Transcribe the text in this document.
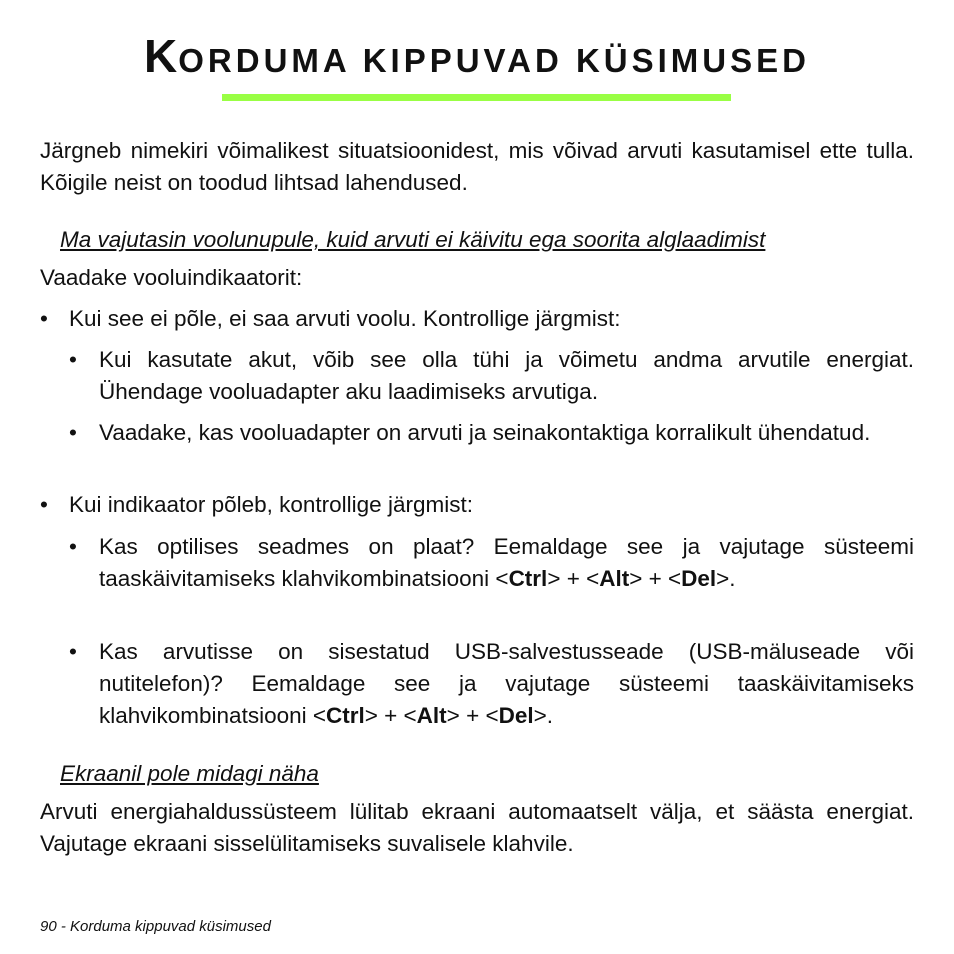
KORDUMA KIPPUVAD KÜSIMUSED
Järgneb nimekiri võimalikest situatsioonidest, mis võivad arvuti kasutamisel ette tulla. Kõigile neist on toodud lihtsad lahendused.
Ma vajutasin voolunupule, kuid arvuti ei käivitu ega soorita alglaadimist
Vaadake vooluindikaatorit:
• Kui see ei põle, ei saa arvuti voolu. Kontrollige järgmist:
• Kui kasutate akut, võib see olla tühi ja võimetu andma arvutile energiat. Ühendage vooluadapter aku laadimiseks arvutiga.
• Vaadake, kas vooluadapter on arvuti ja seinakontaktiga korralikult ühendatud.
• Kui indikaator põleb, kontrollige järgmist:
• Kas optilises seadmes on plaat? Eemaldage see ja vajutage süsteemi taaskäivitamiseks klahvikombinatsiooni <Ctrl> + <Alt> + <Del>.
• Kas arvutisse on sisestatud USB-salvestusseade (USB-mäluseade või nutitelefon)? Eemaldage see ja vajutage süsteemi taaskäivitamiseks klahvikombinatsiooni <Ctrl> + <Alt> + <Del>.
Ekraanil pole midagi näha
Arvuti energiahaldussüsteem lülitab ekraani automaatselt välja, et säästa energiat. Vajutage ekraani sisselülitamiseks suvalisele klahvile.
90 - Korduma kippuvad küsimused
